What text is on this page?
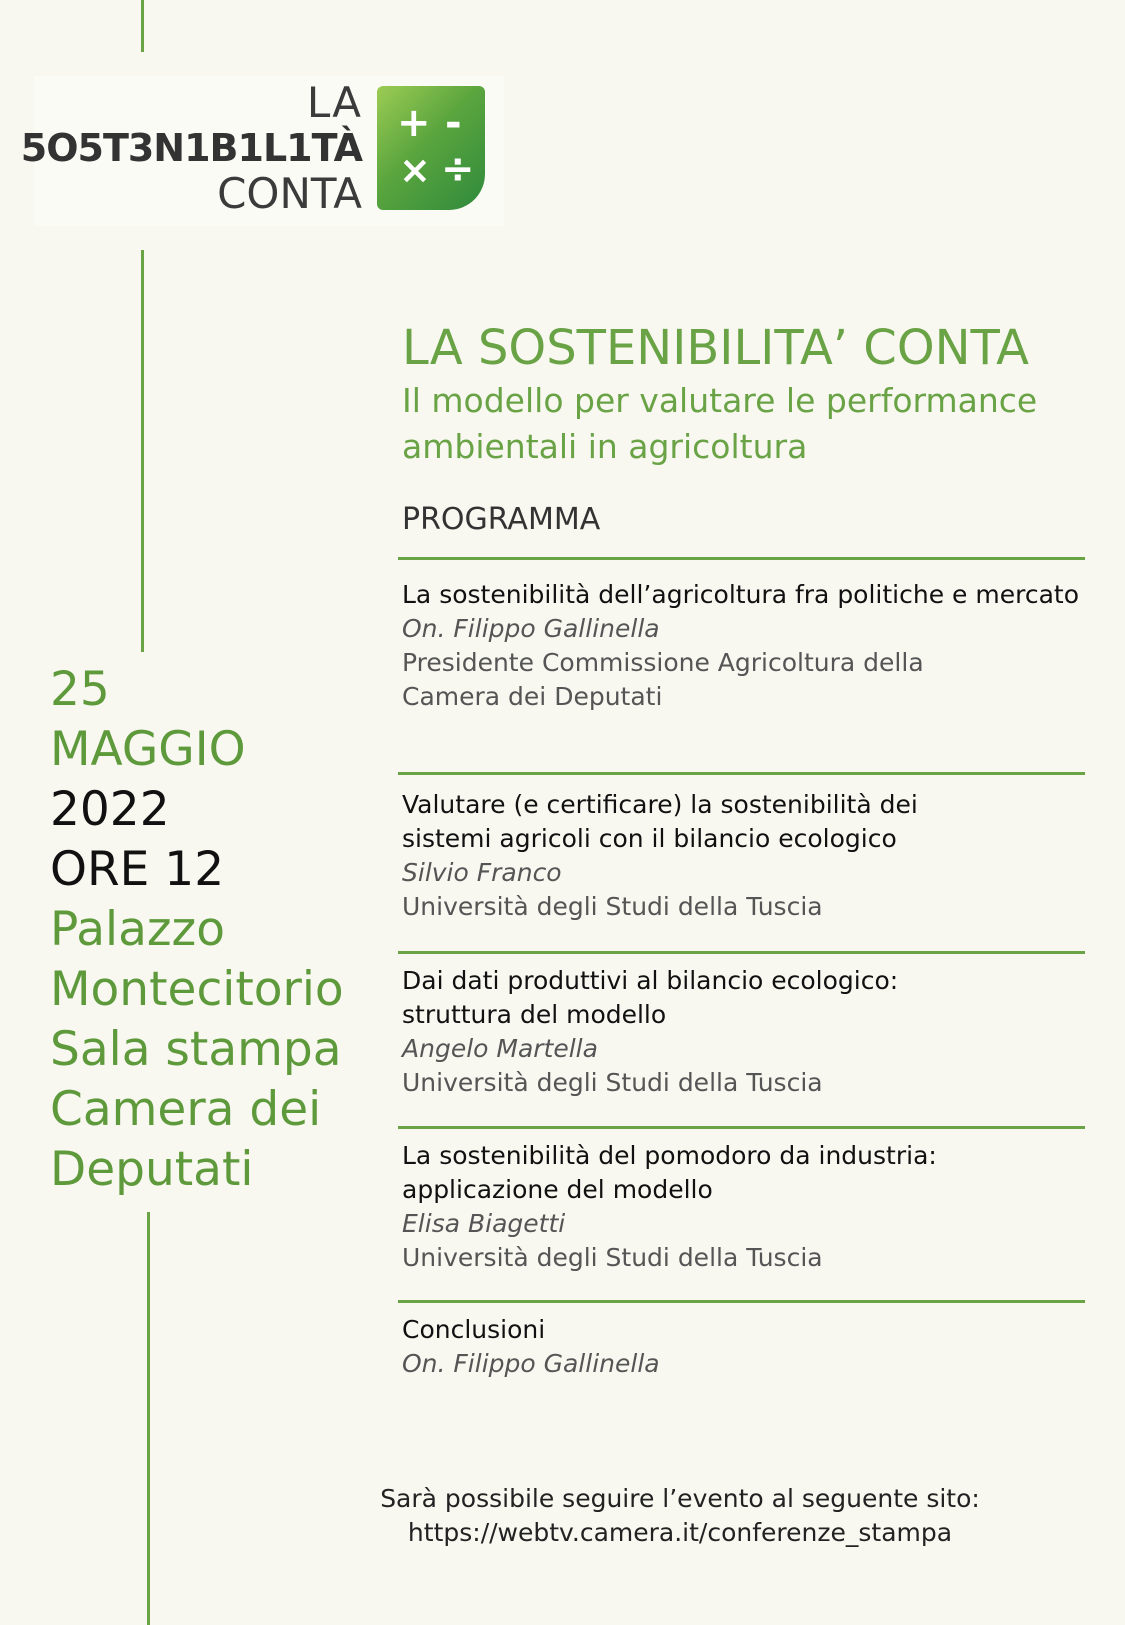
LA
5O5T3N1B1L1TÀ
CONTA
+ -
× ÷
25
MAGGIO
2022
ORE 12
Palazzo
Montecitorio
Sala stampa
Camera dei
Deputati
LA SOSTENIBILITA’ CONTA
Il modello per valutare le performance ambientali in agricoltura
PROGRAMMA
La sostenibilità dell’agricoltura fra politiche e mercato
On. Filippo Gallinella
Presidente Commissione Agricoltura della Camera dei Deputati
Valutare (e certificare) la sostenibilità dei sistemi agricoli con il bilancio ecologico
Silvio Franco
Università degli Studi della Tuscia
Dai dati produttivi al bilancio ecologico: struttura del modello
Angelo Martella
Università degli Studi della Tuscia
La sostenibilità del pomodoro da industria: applicazione del modello
Elisa Biagetti
Università degli Studi della Tuscia
Conclusioni
On. Filippo Gallinella
Sarà possibile seguire l’evento al seguente sito:
https://webtv.camera.it/conferenze_stampa
